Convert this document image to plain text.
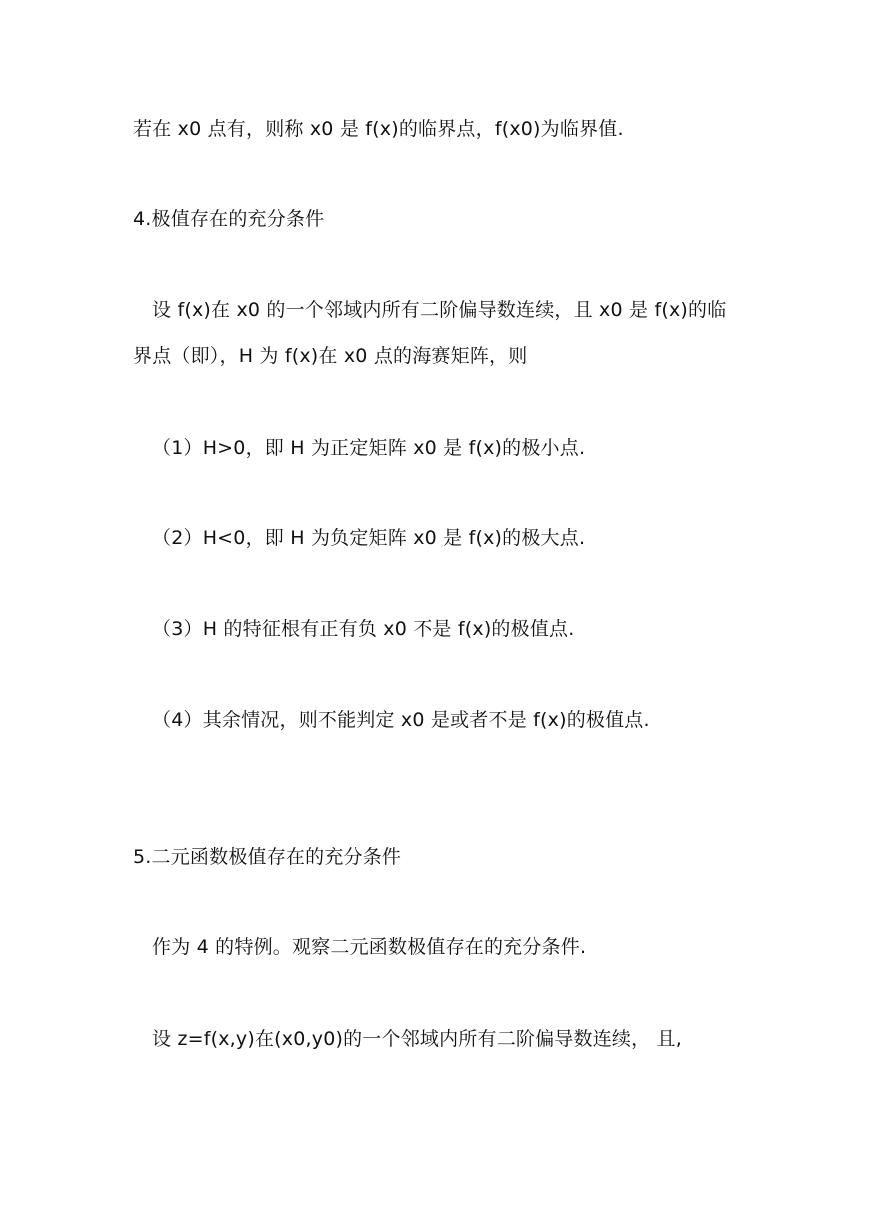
若在 x0 点有，则称 x0 是 f(x)的临界点，f(x0)为临界值.
4.极值存在的充分条件
设 f(x)在 x0 的一个邻域内所有二阶偏导数连续，且 x0 是 f(x)的临
界点（即），H 为 f(x)在 x0 点的海赛矩阵，则
（1）H>0，即 H 为正定矩阵 x0 是 f(x)的极小点.
（2）H<0，即 H 为负定矩阵 x0 是 f(x)的极大点.
（3）H 的特征根有正有负 x0 不是 f(x)的极值点.
（4）其余情况，则不能判定 x0 是或者不是 f(x)的极值点.
5.二元函数极值存在的充分条件
作为 4 的特例。观察二元函数极值存在的充分条件.
设 z=f(x,y)在(x0,y0)的一个邻域内所有二阶偏导数连续， 且,
